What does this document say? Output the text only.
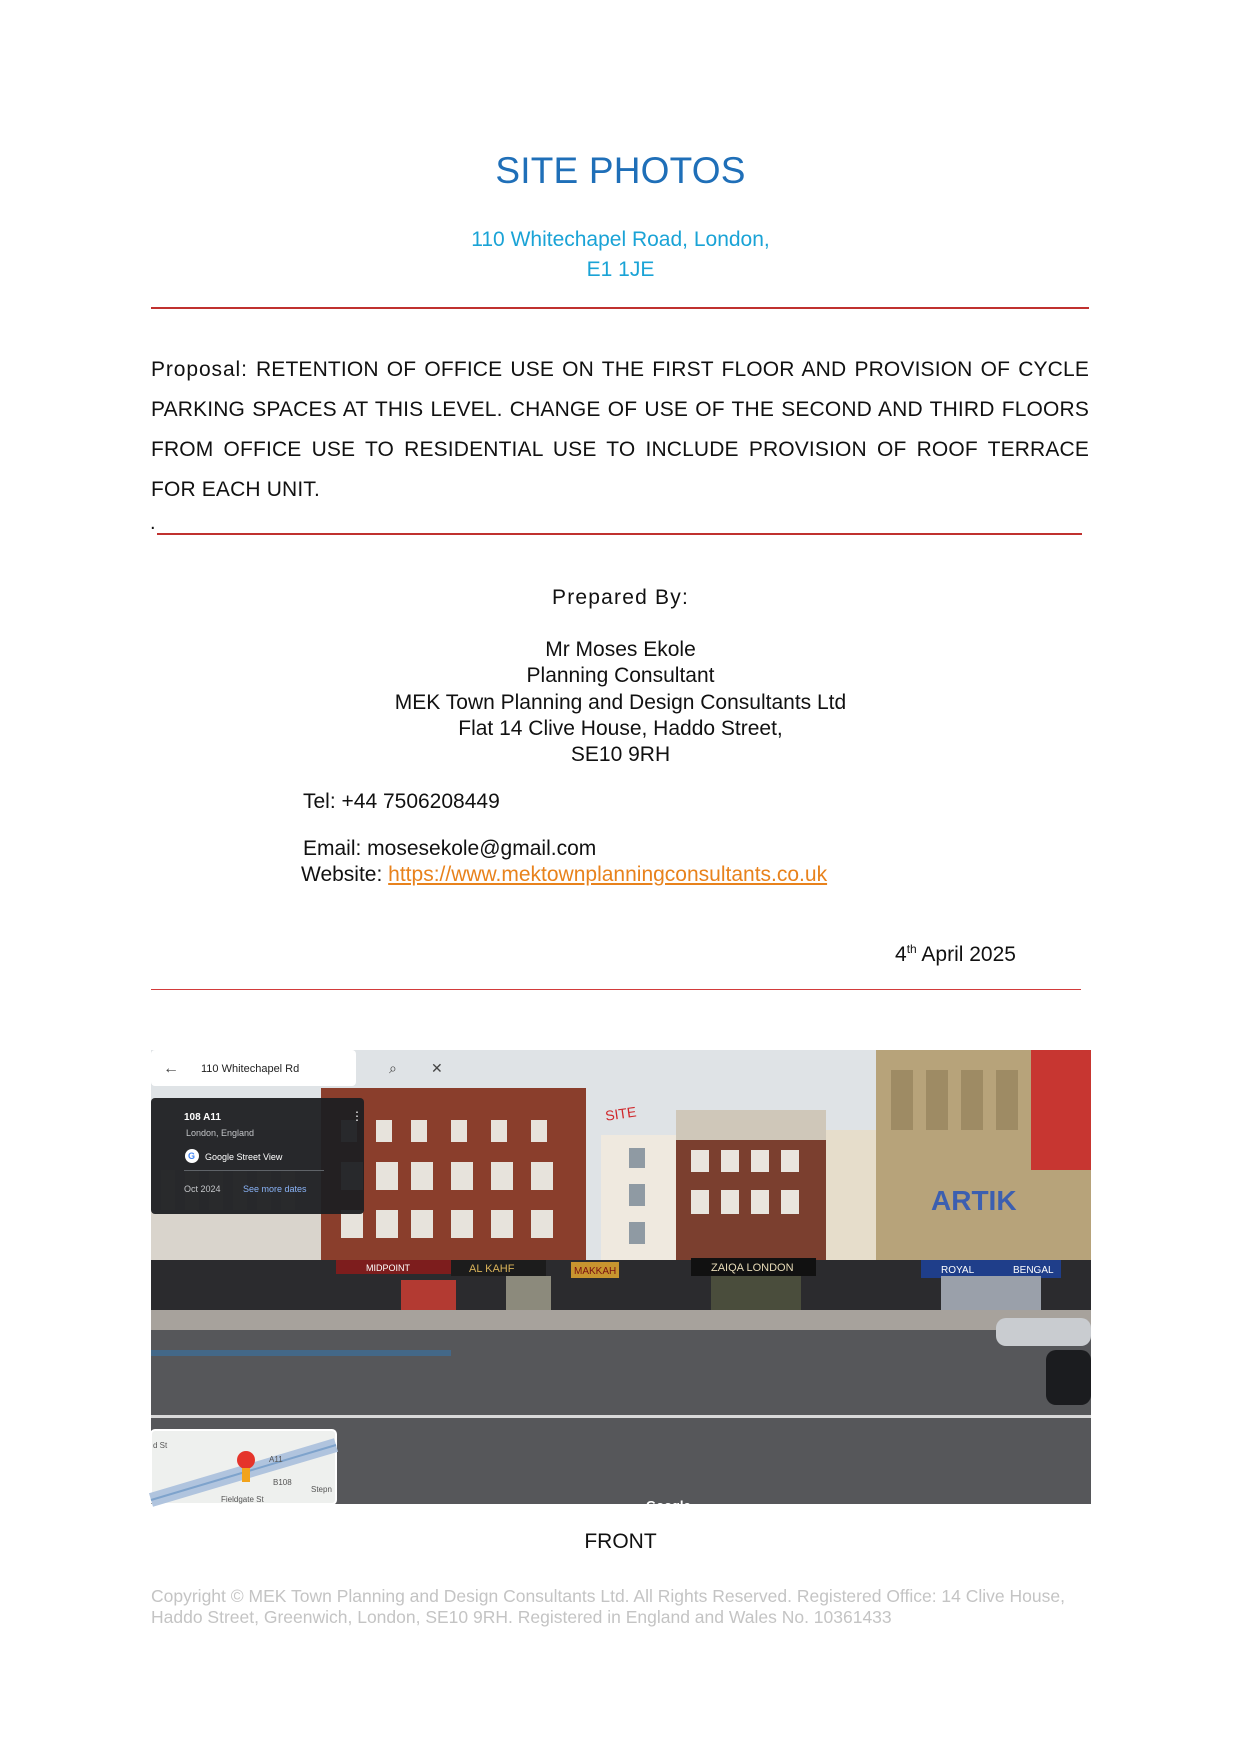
SITE PHOTOS
110 Whitechapel Road, London,
E1 1JE
Proposal: RETENTION OF OFFICE USE ON THE FIRST FLOOR AND PROVISION OF CYCLE PARKING SPACES AT THIS LEVEL. CHANGE OF USE OF THE SECOND AND THIRD FLOORS FROM OFFICE USE TO RESIDENTIAL USE TO INCLUDE PROVISION OF ROOF TERRACE FOR EACH UNIT.
.
Prepared By:
Mr Moses Ekole
Planning Consultant
MEK Town Planning and Design Consultants Ltd
Flat 14 Clive House, Haddo Street,
SE10 9RH
Tel: +44 7506208449
Email: mosesekole@gmail.com
Website: https://www.mektownplanningconsultants.co.uk
4th April 2025
SITE
ARTIK
MIDPOINT	AL KAHF	MAKKAH	ZAIQA LONDON	ROYAL	BENGAL
← 110 Whitechapel Rd	⌕ ✕
108 A11	⋮
London, England
G Google Street View
Oct 2024 See more dates
d St
A11
B108
Stepn
Fieldgate St	Google
FRONT
Copyright © MEK Town Planning and Design Consultants Ltd. All Rights Reserved. Registered Office: 14 Clive House, Haddo Street, Greenwich, London, SE10 9RH. Registered in England and Wales No. 10361433
